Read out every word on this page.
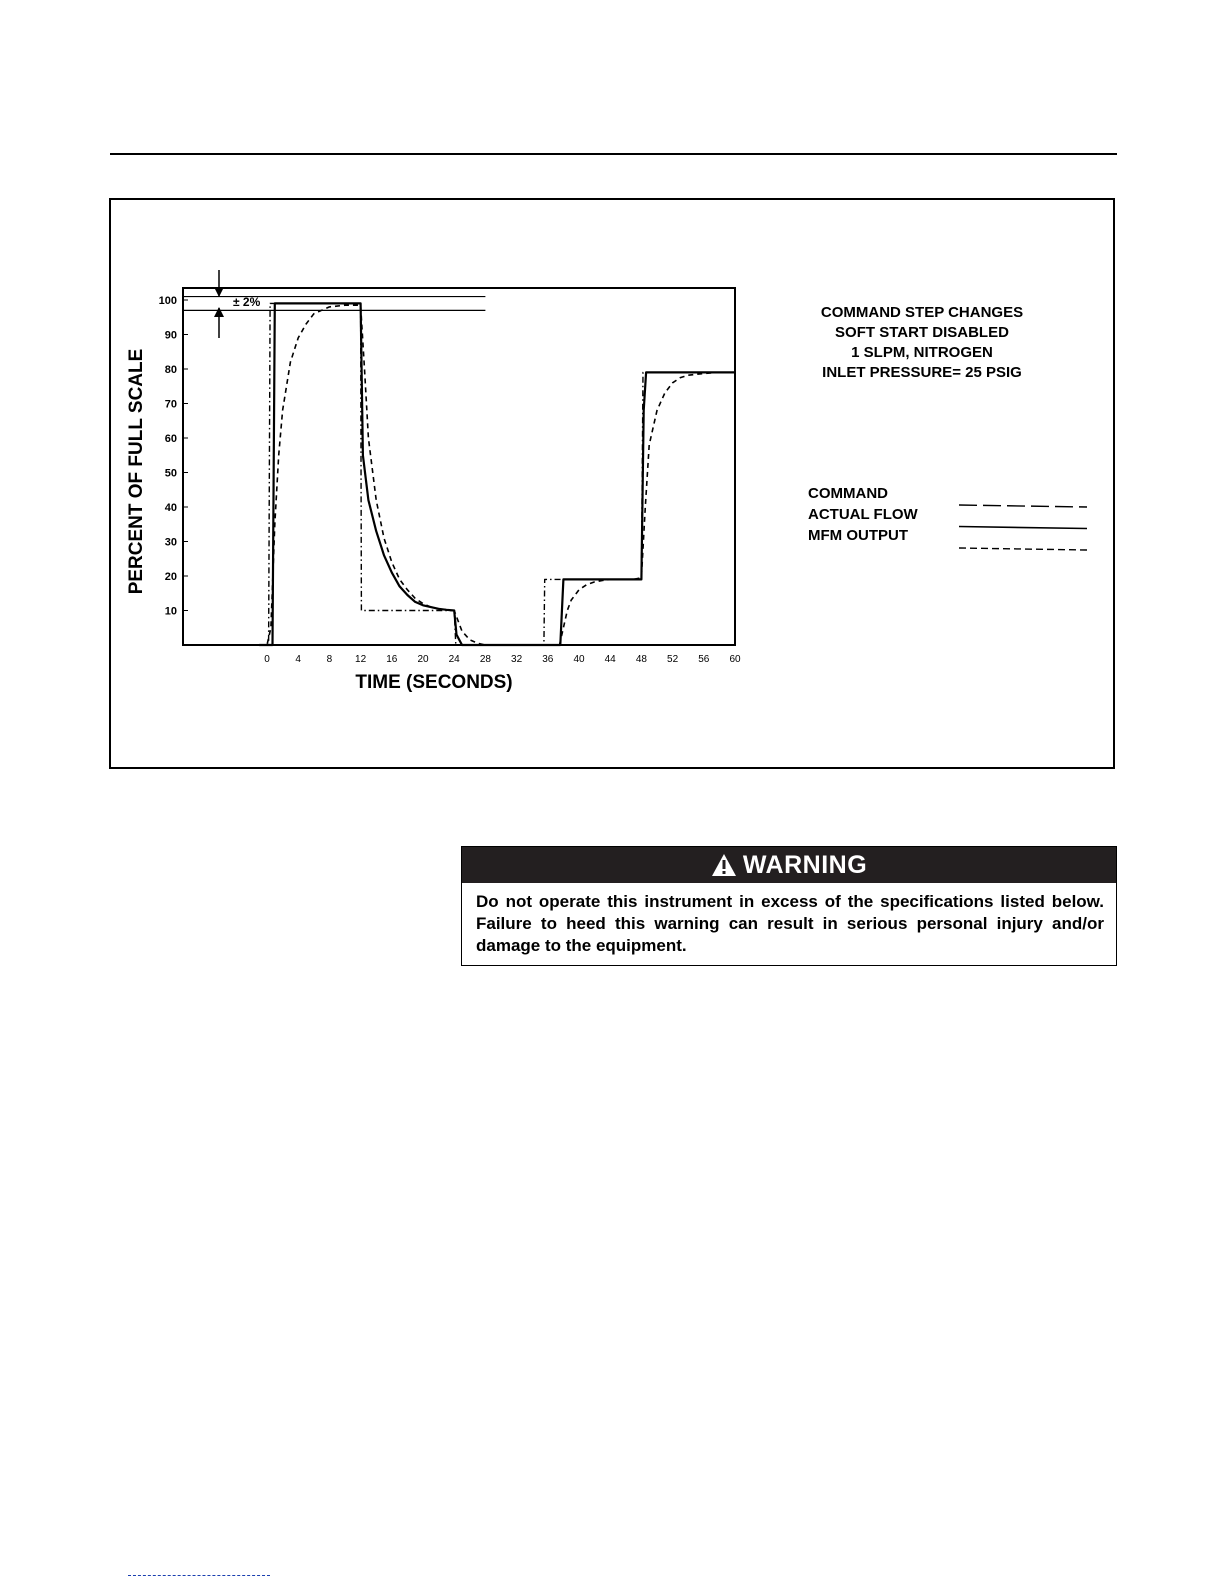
± 2%
10
20
30
40
50
60
70
80
90
100
0	4	8 12 16 20 24 28 32 36 40 44 48 52 56 60
TIME (SECONDS)
PERCENT OF FULL SCALE
COMMAND STEP CHANGES
SOFT START DISABLED
1 SLPM, NITROGEN
INLET PRESSURE= 25 PSIG
COMMAND
ACTUAL FLOW
MFM OUTPUT
WARNING
Do not operate this instrument in excess of the specifications listed below. Failure to heed this warning can result in serious personal injury and/or damage to the equipment.
